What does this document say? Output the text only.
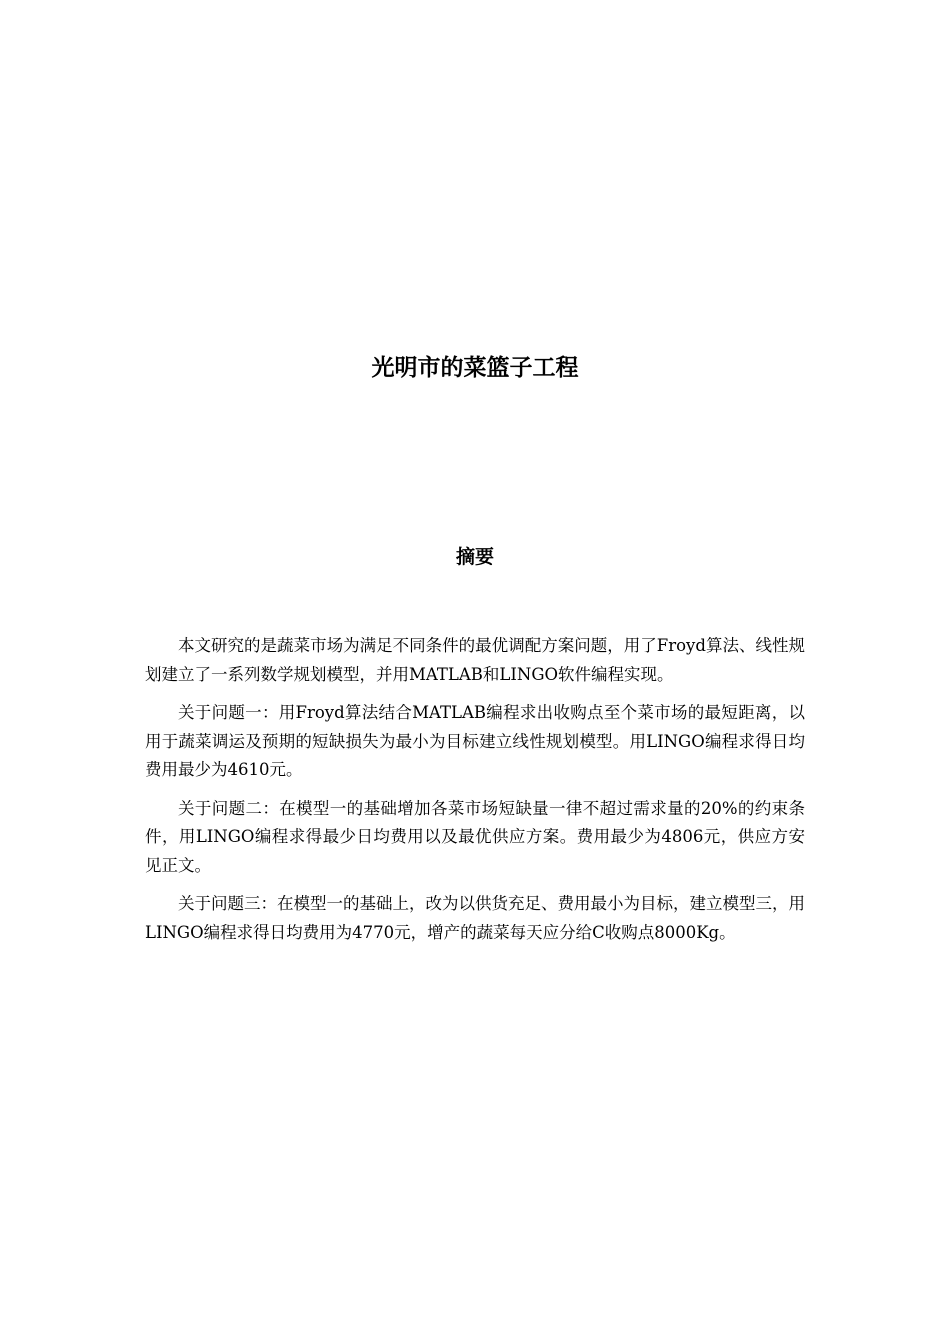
光明市的菜篮子工程
摘要

本文研究的是蔬菜市场为满足不同条件的最优调配方案问题，用了Froyd算法、线性规划建立了一系列数学规划模型，并用MATLAB和LINGO软件编程实现。

关于问题一：用Froyd算法结合MATLAB编程求出收购点至个菜市场的最短距离，以用于蔬菜调运及预期的短缺损失为最小为目标建立线性规划模型。用LINGO编程求得日均费用最少为4610元。

关于问题二：在模型一的基础增加各菜市场短缺量一律不超过需求量的20%的约束条件，用LINGO编程求得最少日均费用以及最优供应方案。费用最少为4806元，供应方安见正文。

关于问题三：在模型一的基础上，改为以供货充足、费用最小为目标，建立模型三，用LINGO编程求得日均费用为4770元，增产的蔬菜每天应分给C收购点8000Kg。
